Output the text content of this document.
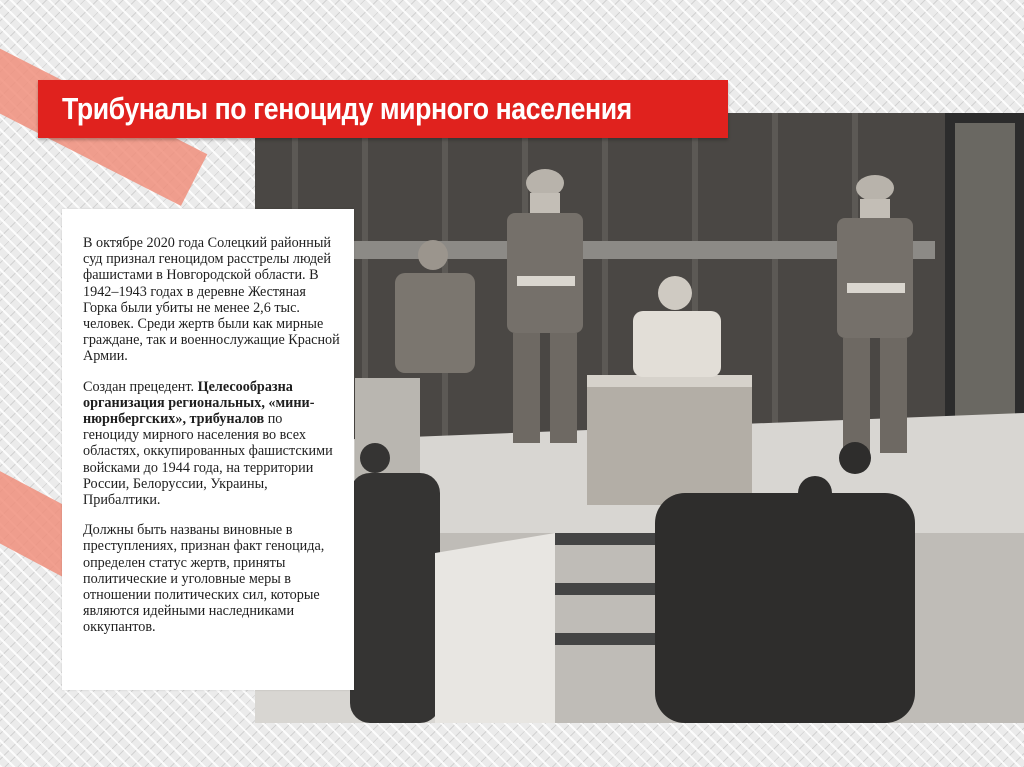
Трибуналы по геноциду мирного населения

В октябре 2020 года Солецкий районный суд признал геноцидом расстрелы людей фашистами в Новгородской области. В 1942–1943 годах в деревне Жестяная Горка были убиты не менее 2,6 тыс. человек. Среди жертв были как мирные граждане, так и военнослужащие Красной Армии.

Создан прецедент. Целесообразна организация региональных, «мини-нюрнбергских», трибуналов по геноциду мирного населения во всех областях, оккупированных фашистскими войсками до 1944 года, на территории России, Белоруссии, Украины, Прибалтики.

Должны быть названы виновные в преступлениях, признан факт геноцида, определен статус жертв, приняты политические и уголовные меры в отношении политических сил, которые являются идейными наследниками оккупантов.
